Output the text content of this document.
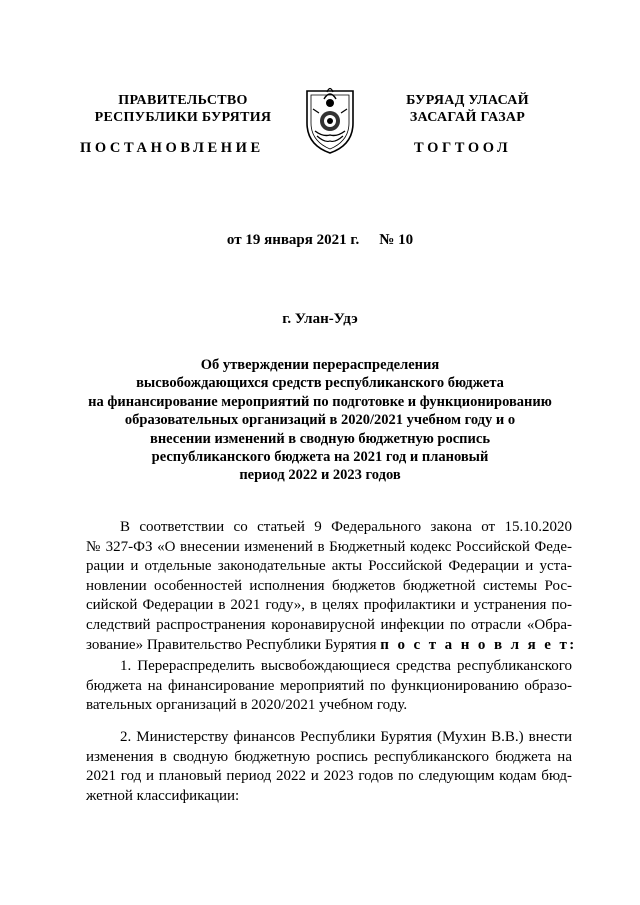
ПРАВИТЕЛЬСТВО
РЕСПУБЛИКИ БУРЯТИЯ
БУРЯАД УЛАСАЙ
ЗАСАГАЙ ГАЗАР
ПОСТАНОВЛЕНИЕ	ТОГТООЛ
от 19 января 2021 г. № 10
г. Улан-Удэ
Об утверждении перераспределения
высвобождающихся средств республиканского бюджета
на финансирование мероприятий по подготовке и функционированию
образовательных организаций в 2020/2021 учебном году и о
внесении изменений в сводную бюджетную роспись
республиканского бюджета на 2021 год и плановый
период 2022 и 2023 годов
В соответствии со статьей 9 Федерального закона от 15.10.2020
№ 327-ФЗ «О внесении изменений в Бюджетный кодекс Российской Феде-
рации и отдельные законодательные акты Российской Федерации и уста-
новлении особенностей исполнения бюджетов бюджетной системы Рос-
сийской Федерации в 2021 году», в целях профилактики и устранения по-
следствий распространения коронавирусной инфекции по отрасли «Обра-
зование» Правительство Республики Бурятия п о с т а н о в л я е т:
1. Перераспределить высвобождающиеся средства республиканского
бюджета на финансирование мероприятий по функционированию образо-
вательных организаций в 2020/2021 учебном году.
2. Министерству финансов Республики Бурятия (Мухин В.В.) внести
изменения в сводную бюджетную роспись республиканского бюджета на
2021 год и плановый период 2022 и 2023 годов по следующим кодам бюд-
жетной классификации:
